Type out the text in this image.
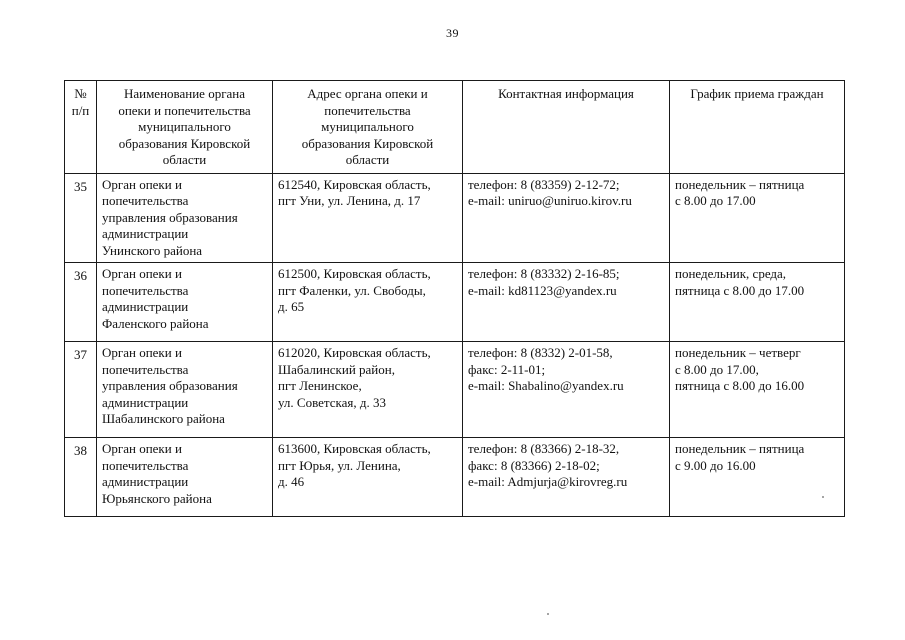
39
№
п/п	Наименование органа
опеки и попечительства
муниципального
образования Кировской
области	Адрес органа опеки и
попечительства
муниципального
образования Кировской
области	Контактная информация	График приема граждан
35	Орган опеки и
попечительства
управления образования
администрации
Унинского района	612540, Кировская область,
пгт Уни, ул. Ленина, д. 17	телефон: 8 (83359) 2-12-72;
e-mail: uniruo@uniruo.kirov.ru	понедельник – пятница
с 8.00 до 17.00
36	Орган опеки и
попечительства
администрации
Фаленского района	612500, Кировская область,
пгт Фаленки, ул. Свободы,
д. 65	телефон: 8 (83332) 2-16-85;
e-mail: kd81123@yandex.ru	понедельник, среда,
пятница с 8.00 до 17.00
37	Орган опеки и
попечительства
управления образования
администрации
Шабалинского района	612020, Кировская область,
Шабалинский район,
пгт Ленинское,
ул. Советская, д. 33	телефон: 8 (8332) 2-01-58,
факс: 2-11-01;
e-mail: Shabalino@yandex.ru	понедельник – четверг
с 8.00 до 17.00,
пятница с 8.00 до 16.00
38	Орган опеки и
попечительства
администрации
Юрьянского района	613600, Кировская область,
пгт Юрья, ул. Ленина,
д. 46	телефон: 8 (83366) 2-18-32,
факс: 8 (83366) 2-18-02;
e-mail: Admjurja@kirovreg.ru	понедельник – пятница
с 9.00 до 16.00
